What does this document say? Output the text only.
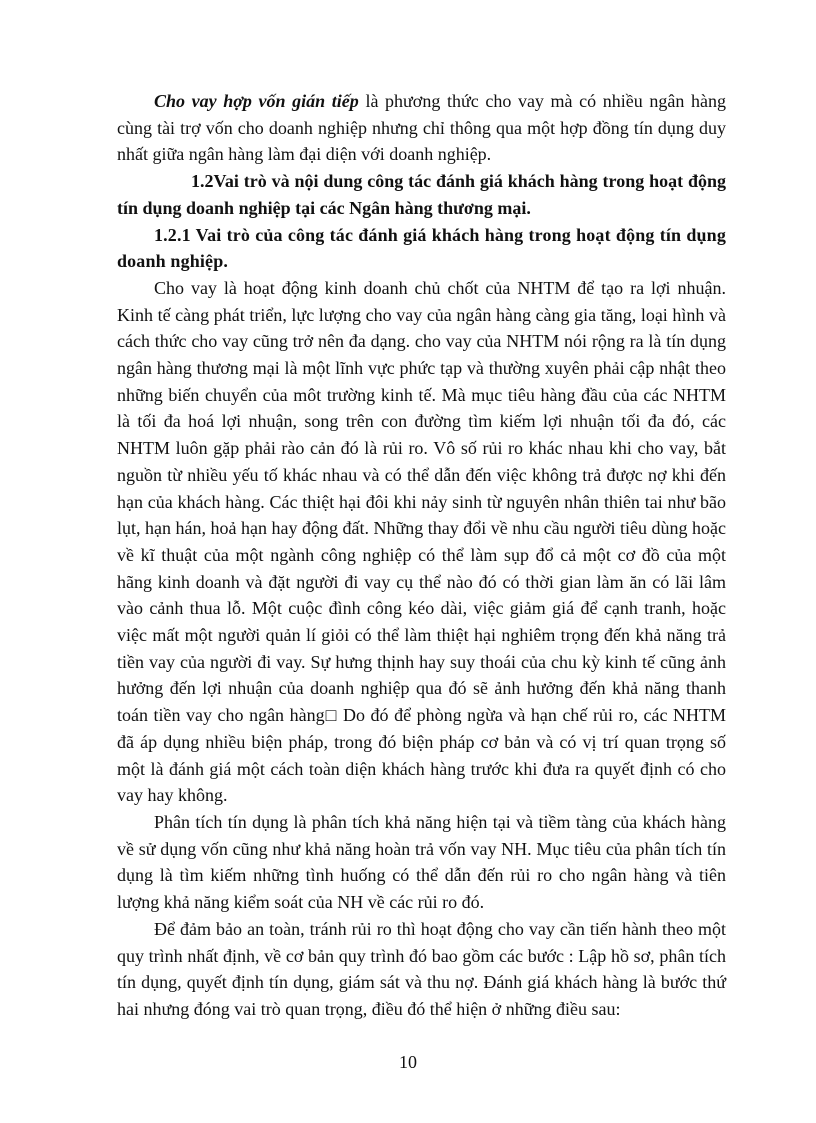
Cho vay hợp vốn gián tiếp là phương thức cho vay mà có nhiều ngân hàng cùng tài trợ vốn cho doanh nghiệp nhưng chỉ thông qua một hợp đồng tín dụng duy nhất giữa ngân hàng làm đại diện với doanh nghiệp.

1.2Vai trò và nội dung công tác đánh giá khách hàng trong hoạt động tín dụng doanh nghiệp tại các Ngân hàng thương mại.

1.2.1 Vai trò của công tác đánh giá khách hàng trong hoạt động tín dụng doanh nghiệp.

Cho vay là hoạt động kinh doanh chủ chốt của NHTM để tạo ra lợi nhuận. Kinh tế càng phát triển, lực lượng cho vay của ngân hàng càng gia tăng, loại hình và cách thức cho vay cũng trở nên đa dạng. cho vay của NHTM nói rộng ra là tín dụng ngân hàng thương mại là một lĩnh vực phức tạp và thường xuyên phải cập nhật theo những biến chuyển của môt trường kinh tế. Mà mục tiêu hàng đầu của các NHTM là tối đa hoá lợi nhuận, song trên con đường tìm kiếm lợi nhuận tối đa đó, các NHTM luôn gặp phải rào cản đó là rủi ro. Vô số rủi ro khác nhau khi cho vay, bắt nguồn từ nhiều yếu tố khác nhau và có thể dẫn đến việc không trả được nợ khi đến hạn của khách hàng. Các thiệt hại đôi khi nảy sinh từ nguyên nhân thiên tai như bão lụt, hạn hán, hoả hạn hay động đất. Những thay đổi về nhu cầu người tiêu dùng hoặc về kĩ thuật của một ngành công nghiệp có thể làm sụp đổ cả một cơ đồ của một hãng kinh doanh và đặt người đi vay cụ thể nào đó có thời gian làm ăn có lãi lâm vào cảnh thua lỗ. Một cuộc đình công kéo dài, việc giảm giá để cạnh tranh, hoặc việc mất một người quản lí giỏi có thể làm thiệt hại nghiêm trọng đến khả năng trả tiền vay của người đi vay. Sự hưng thịnh hay suy thoái của chu kỳ kinh tế cũng ảnh hưởng đến lợi nhuận của doanh nghiệp qua đó sẽ ảnh hưởng đến khả năng thanh toán tiền vay cho ngân hàng□ Do đó để phòng ngừa và hạn chế rủi ro, các NHTM đã áp dụng nhiều biện pháp, trong đó biện pháp cơ bản và có vị trí quan trọng số một là đánh giá một cách toàn diện khách hàng trước khi đưa ra quyết định có cho vay hay không.

Phân tích tín dụng là phân tích khả năng hiện tại và tiềm tàng của khách hàng về sử dụng vốn cũng như khả năng hoàn trả vốn vay NH. Mục tiêu của phân tích tín dụng là tìm kiếm những tình huống có thể dẫn đến rủi ro cho ngân hàng và tiên lượng khả năng kiểm soát của NH về các rủi ro đó.

Để đảm bảo an toàn, tránh rủi ro thì hoạt động cho vay cần tiến hành theo một quy trình nhất định, về cơ bản quy trình đó bao gồm các bước : Lập hồ sơ, phân tích tín dụng, quyết định tín dụng, giám sát và thu nợ. Đánh giá khách hàng là bước thứ hai nhưng đóng vai trò quan trọng, điều đó thể hiện ở những điều sau:

10
